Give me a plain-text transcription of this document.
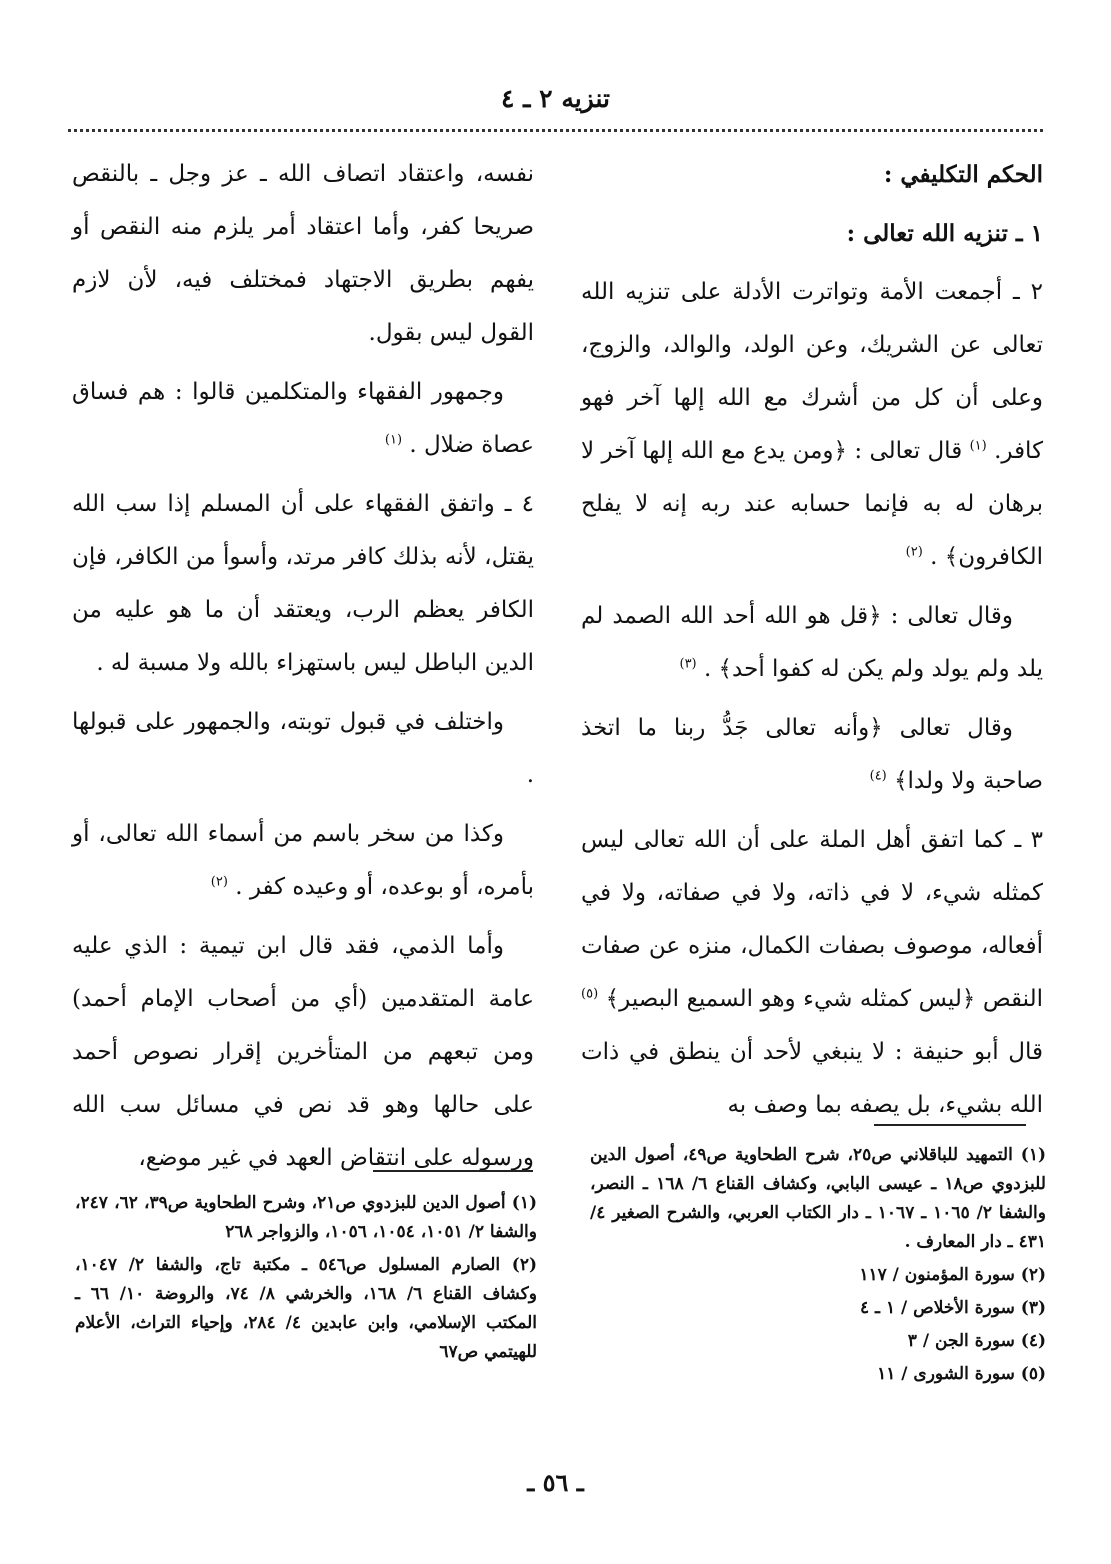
تنزيه ٢ ـ ٤

الحكم التكليفي :

١ ـ تنزيه الله تعالى :

٢ ـ أجمعت الأمة وتواترت الأدلة على تنزيه الله تعالى عن الشريك، وعن الولد، والوالد، والزوج، وعلى أن كل من أشرك مع الله إلها آخر فهو كافر. $^{(١)}$ قال تعالى : ﴿ومن يدع مع الله إلها آخر لا برهان له به فإنما حسابه عند ربه إنه لا يفلح الكافرون﴾ . $^{(٢)}$

وقال تعالى : ﴿قل هو الله أحد الله الصمد لم يلد ولم يولد ولم يكن له كفوا أحد﴾ . $^{(٣)}$

وقال تعالى ﴿وأنه تعالى جَدُّ ربنا ما اتخذ صاحبة ولا ولدا﴾ $^{(٤)}$

٣ ـ كما اتفق أهل الملة على أن الله تعالى ليس كمثله شيء، لا في ذاته، ولا في صفاته، ولا في أفعاله، موصوف بصفات الكمال، منزه عن صفات النقص ﴿ليس كمثله شيء وهو السميع البصير﴾ $^{(٥)}$ قال أبو حنيفة : لا ينبغي لأحد أن ينطق في ذات الله بشيء، بل يصفه بما وصف به

نفسه، واعتقاد اتصاف الله ـ عز وجل ـ بالنقص صريحا كفر، وأما اعتقاد أمر يلزم منه النقص أو يفهم بطريق الاجتهاد فمختلف فيه، لأن لازم القول ليس بقول.

وجمهور الفقهاء والمتكلمين قالوا : هم فساق عصاة ضلال . $^{(١)}$

٤ ـ واتفق الفقهاء على أن المسلم إذا سب الله يقتل، لأنه بذلك كافر مرتد، وأسوأ من الكافر، فإن الكافر يعظم الرب، ويعتقد أن ما هو عليه من الدين الباطل ليس باستهزاء بالله ولا مسبة له .

واختلف في قبول توبته، والجمهور على قبولها .

وكذا من سخر باسم من أسماء الله تعالى، أو بأمره، أو بوعده، أو وعيده كفر . $^{(٢)}$

وأما الذمي، فقد قال ابن تيمية : الذي عليه عامة المتقدمين (أي من أصحاب الإمام أحمد) ومن تبعهم من المتأخرين إقرار نصوص أحمد على حالها وهو قد نص في مسائل سب الله ورسوله على انتقاض العهد في غير موضع،	(١) التمهيد للباقلاني ص٢٥، شرح الطحاوية ص٤٩، أصول الدين للبزدوي ص١٨ ـ عيسى البابي، وكشاف القناع ٦/ ١٦٨ ـ النصر، والشفا ٢/ ١٠٦٥ ـ ١٠٦٧ ـ دار الكتاب العربي، والشرح الصغير ٤/ ٤٣١ ـ دار المعارف .

(٢) سورة المؤمنون / ١١٧

(٣) سورة الأخلاص / ١ ـ ٤

(٤) سورة الجن / ٣

(٥) سورة الشورى / ١١

(١) أصول الدين للبزدوي ص٢١، وشرح الطحاوية ص٣٩، ٦٢، ٢٤٧، والشفا ٢/ ١٠٥١، ١٠٥٤، ١٠٥٦، والزواجر ٢٦٨

(٢) الصارم المسلول ص٥٤٦ ـ مكتبة تاج، والشفا ٢/ ١٠٤٧، وكشاف القناع ٦/ ١٦٨، والخرشي ٨/ ٧٤، والروضة ١٠/ ٦٦ ـ المكتب الإسلامي، وابن عابدين ٤/ ٢٨٤، وإحياء التراث، الأعلام للهيتمي ص٦٧

ـ ٥٦ ـ
